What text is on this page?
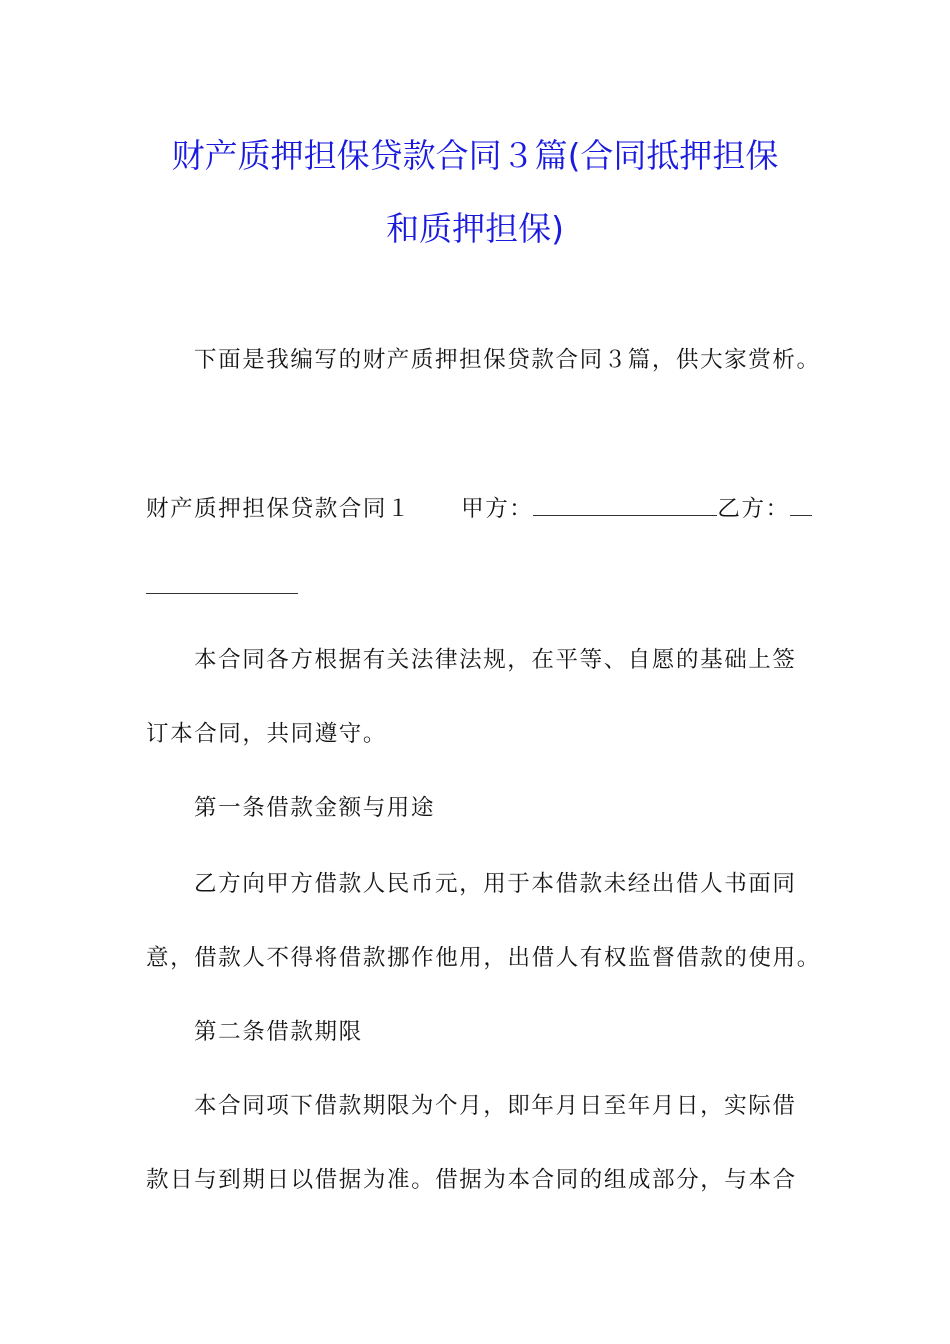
财产质押担保贷款合同３篇(合同抵押担保
和质押担保)
下面是我编写的财产质押担保贷款合同３篇，供大家赏析。
财产质押担保贷款合同１ 甲方：	乙方：
本合同各方根据有关法律法规，在平等、自愿的基础上签
订本合同，共同遵守。
第一条借款金额与用途
乙方向甲方借款人民币元，用于本借款未经出借人书面同
意，借款人不得将借款挪作他用，出借人有权监督借款的使用。
第二条借款期限
本合同项下借款期限为个月，即年月日至年月日，实际借
款日与到期日以借据为准。借据为本合同的组成部分，与本合
